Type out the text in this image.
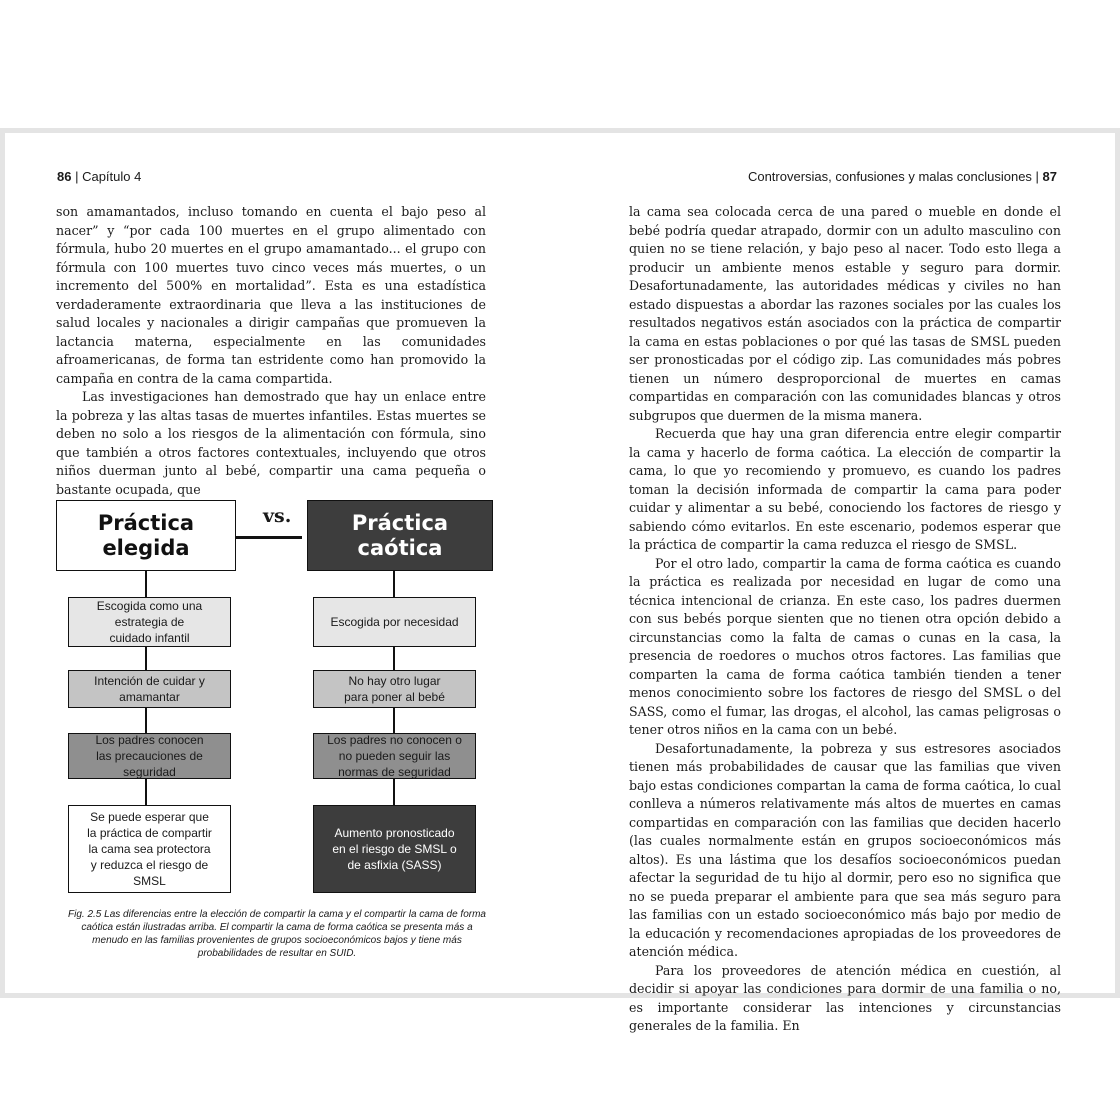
86 | Capítulo 4	Controversias, confusiones y malas conclusiones | 87

son amamantados, incluso tomando en cuenta el bajo peso al nacer” y “por cada 100 muertes en el grupo alimentado con fórmula, hubo 20 muertes en el grupo amamantado... el grupo con fórmula con 100 muertes tuvo cinco veces más muertes, o un incremento del 500% en mortalidad”. Esta es una estadística verdaderamente extraordinaria que lleva a las instituciones de salud locales y nacionales a dirigir campañas que promueven la lactancia materna, especialmente en las comunidades afroamericanas, de forma tan estridente como han promovido la campaña en contra de la cama compartida.

Las investigaciones han demostrado que hay un enlace entre la pobreza y las altas tasas de muertes infantiles. Estas muertes se deben no solo a los riesgos de la alimentación con fórmula, sino que también a otros factores contextuales, incluyendo que otros niños duerman junto al bebé, compartir una cama pequeña o bastante ocupada, que

vs.
Práctica elegida
Práctica caótica
Escogida como una estrategia de cuidado infantil
Intención de cuidar y amamantar
Los padres conocen las precauciones de seguridad
Se puede esperar que la práctica de compartir la cama sea protectora y reduzca el riesgo de SMSL
Escogida por necesidad
No hay otro lugar para poner al bebé
Los padres no conocen o no pueden seguir las normas de seguridad
Aumento pronosticado en el riesgo de SMSL o de asfixia (SASS)
Fig. 2.5 Las diferencias entre la elección de compartir la cama y el compartir la cama de forma caótica están ilustradas arriba. El compartir la cama de forma caótica se presenta más a menudo en las familias provenientes de grupos socioeconómicos bajos y tiene más probabilidades de resultar en SUID.

la cama sea colocada cerca de una pared o mueble en donde el bebé podría quedar atrapado, dormir con un adulto masculino con quien no se tiene relación, y bajo peso al nacer. Todo esto llega a producir un ambiente menos estable y seguro para dormir. Desafortunadamente, las autoridades médicas y civiles no han estado dispuestas a abordar las razones sociales por las cuales los resultados negativos están asociados con la práctica de compartir la cama en estas poblaciones o por qué las tasas de SMSL pueden ser pronosticadas por el código zip. Las comunidades más pobres tienen un número desproporcional de muertes en camas compartidas en comparación con las comunidades blancas y otros subgrupos que duermen de la misma manera.

Recuerda que hay una gran diferencia entre elegir compartir la cama y hacerlo de forma caótica. La elección de compartir la cama, lo que yo recomiendo y promuevo, es cuando los padres toman la decisión informada de compartir la cama para poder cuidar y alimentar a su bebé, conociendo los factores de riesgo y sabiendo cómo evitarlos. En este escenario, podemos esperar que la práctica de compartir la cama reduzca el riesgo de SMSL.

Por el otro lado, compartir la cama de forma caótica es cuando la práctica es realizada por necesidad en lugar de como una técnica intencional de crianza. En este caso, los padres duermen con sus bebés porque sienten que no tienen otra opción debido a circunstancias como la falta de camas o cunas en la casa, la presencia de roedores o muchos otros factores. Las familias que comparten la cama de forma caótica también tienden a tener menos conocimiento sobre los factores de riesgo del SMSL o del SASS, como el fumar, las drogas, el alcohol, las camas peligrosas o tener otros niños en la cama con un bebé.

Desafortunadamente, la pobreza y sus estresores asociados tienen más probabilidades de causar que las familias que viven bajo estas condiciones compartan la cama de forma caótica, lo cual conlleva a números relativamente más altos de muertes en camas compartidas en comparación con las familias que deciden hacerlo (las cuales normalmente están en grupos socioeconómicos más altos). Es una lástima que los desafíos socioeconómicos puedan afectar la seguridad de tu hijo al dormir, pero eso no significa que no se pueda preparar el ambiente para que sea más seguro para las familias con un estado socioeconómico más bajo por medio de la educación y recomendaciones apropiadas de los proveedores de atención médica.

Para los proveedores de atención médica en cuestión, al decidir si apoyar las condiciones para dormir de una familia o no, es importante considerar las intenciones y circunstancias generales de la familia. En
